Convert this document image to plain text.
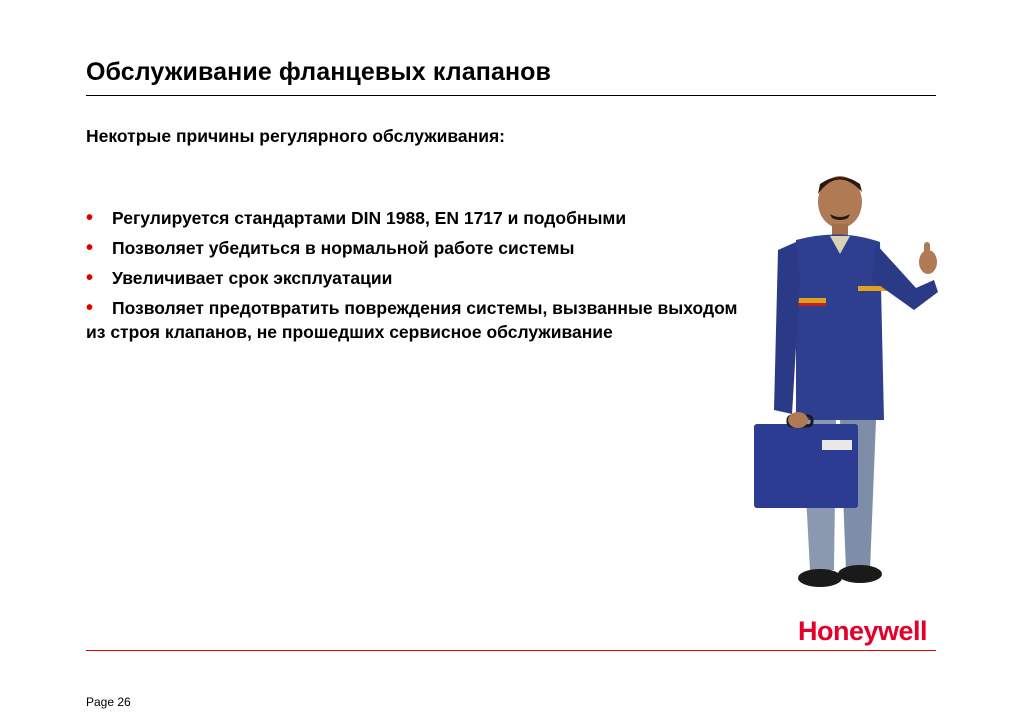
Обслуживание фланцевых клапанов
Некотрые причины регулярного обслуживания:
• Регулируется стандартами DIN 1988, EN 1717 и подобными
• Позволяет убедиться в нормальной работе системы
• Увеличивает срок эксплуатации
• Позволяет предотвратить повреждения системы, вызванные выходом из строя клапанов, не прошедших сервисное обслуживание
Honeywell
Page 26
